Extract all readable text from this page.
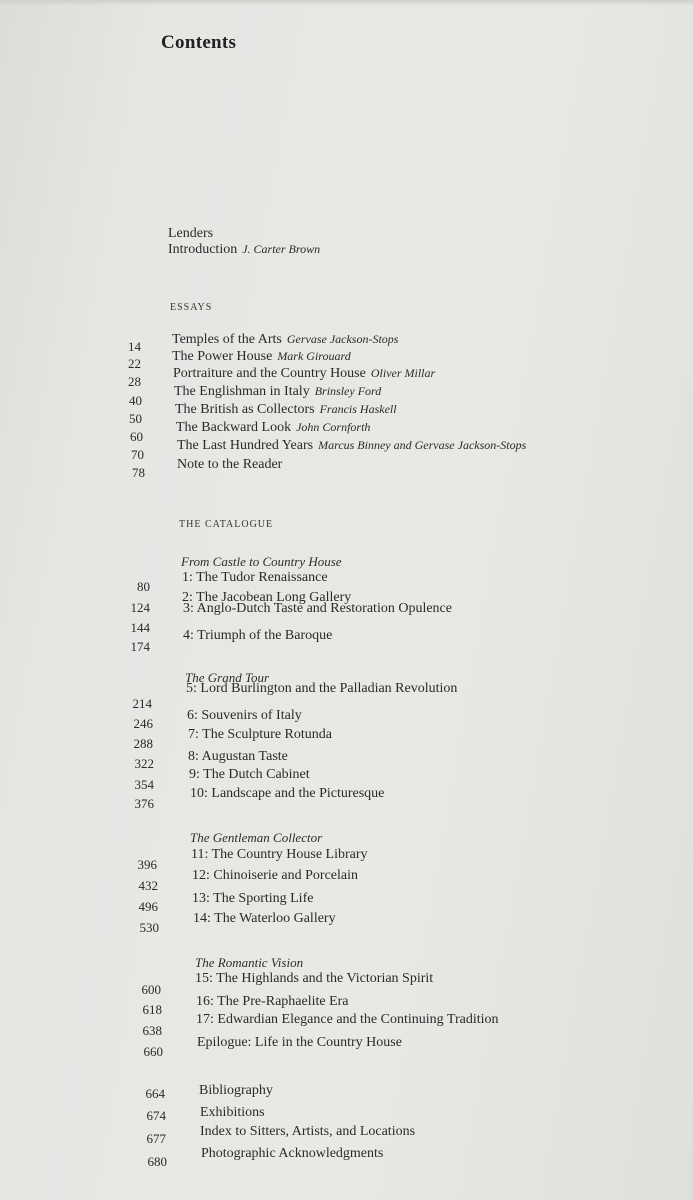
Contents
Lenders
Introduction J. Carter Brown
ESSAYS
14 Temples of the Arts Gervase Jackson-Stops
22 The Power House Mark Girouard
28
Portraiture and the Country House Oliver Millar
40
The Englishman in Italy Brinsley Ford
50
The British as Collectors Francis Haskell
60
The Backward Look John Cornforth
70
The Last Hundred Years Marcus Binney and Gervase Jackson-Stops
78
Note to the Reader
THE CATALOGUE
From Castle to Country House
80
1: The Tudor Renaissance
124
2: The Jacobean Long Gallery
144
3: Anglo-Dutch Taste and Restoration Opulence
174
4: Triumph of the Baroque
The Grand Tour
214
5: Lord Burlington and the Palladian Revolution
246
6: Souvenirs of Italy
288
7: The Sculpture Rotunda
322 8: Augustan Taste
354
9: The Dutch Cabinet
376
10: Landscape and the Picturesque
The Gentleman Collector
396
11: The Country House Library
432
12: Chinoiserie and Porcelain
496
13: The Sporting Life
530
14: The Waterloo Gallery
The Romantic Vision
600
15: The Highlands and the Victorian Spirit
618
16: The Pre-Raphaelite Era
638
17: Edwardian Elegance and the Continuing Tradition
660
Epilogue: Life in the Country House
664 Bibliography
674 Exhibitions
677 Index to Sitters, Artists, and Locations
680
Photographic Acknowledgments
